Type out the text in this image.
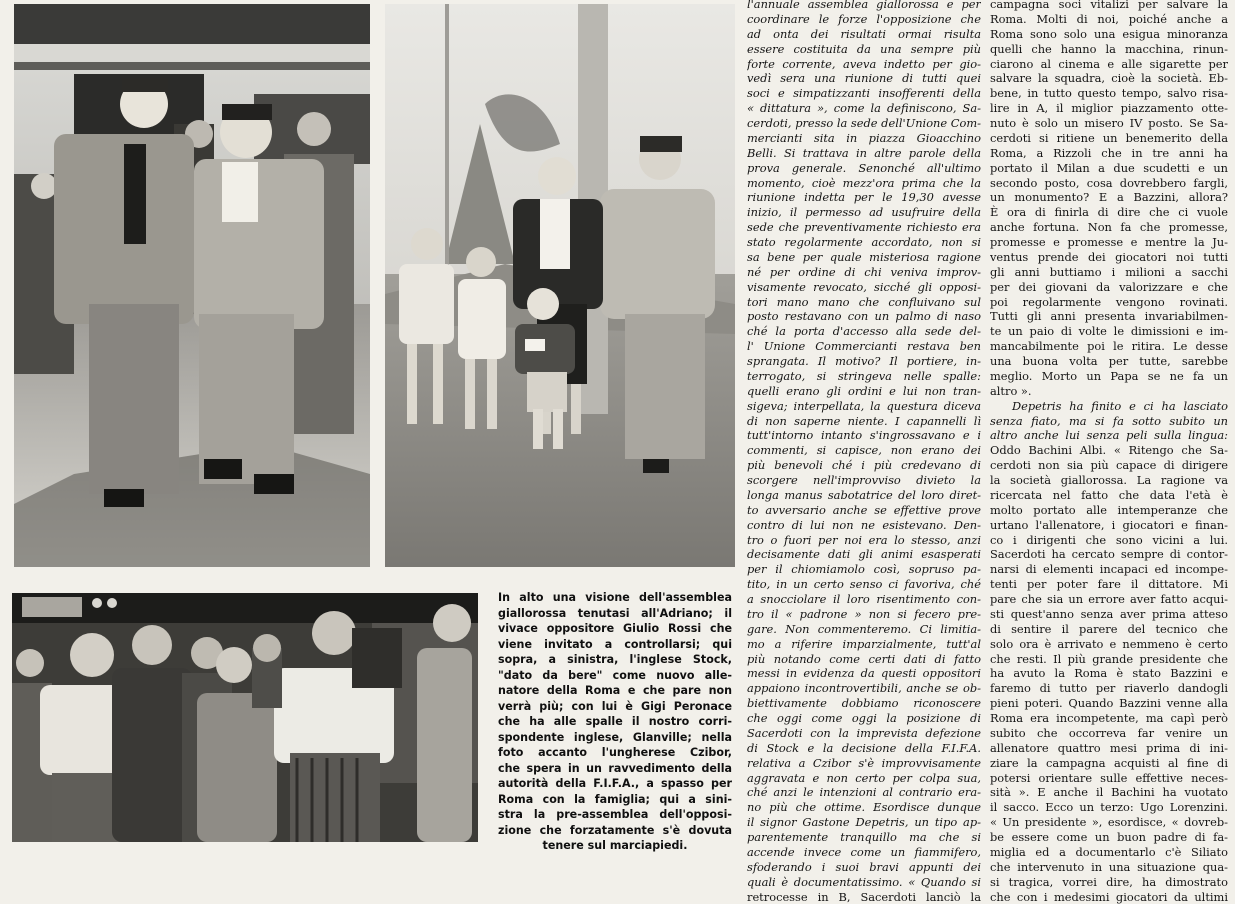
In alto una visione dell'assemblea
giallorossa tenutasi all'Adriano; il
vivace oppositore Giulio Rossi che
viene invitato a controllarsi; qui
sopra, a sinistra, l'inglese Stock,
"dato da bere" come nuovo alle-
natore della Roma e che pare non
verrà più; con lui è Gigi Peronace
che ha alle spalle il nostro corri-
spondente inglese, Glanville; nella
foto accanto l'ungherese Czibor,
che spera in un ravvedimento della
autorità della F.I.F.A., a spasso per
Roma con la famiglia; qui a sini-
stra la pre-assemblea dell'opposi-
zione che forzatamente s'è dovuta
tenere sul marciapiedi.
l'annuale assemblea giallorossa e per
coordinare le forze l'opposizione che
ad onta dei risultati ormai risulta
essere costituita da una sempre più
forte corrente, aveva indetto per gio-
vedì sera una riunione di tutti quei
soci e simpatizzanti insofferenti della
« dittatura », come la definiscono, Sa-
cerdoti, presso la sede dell'Unione Com-
mercianti sita in piazza Gioacchino
Belli. Si trattava in altre parole della
prova generale. Senonché all'ultimo
momento, cioè mezz'ora prima che la
riunione indetta per le 19,30 avesse
inizio, il permesso ad usufruire della
sede che preventivamente richiesto era
stato regolarmente accordato, non si
sa bene per quale misteriosa ragione
né per ordine di chi veniva improv-
visamente revocato, sicché gli opposi-
tori mano mano che confluivano sul
posto restavano con un palmo di naso
ché la porta d'accesso alla sede del-
l' Unione Commercianti restava ben
sprangata. Il motivo? Il portiere, in-
terrogato, si stringeva nelle spalle:
quelli erano gli ordini e lui non tran-
sigeva; interpellata, la questura diceva
di non saperne niente. I capannelli lì
tutt'intorno intanto s'ingrossavano e i
commenti, si capisce, non erano dei
più benevoli ché i più credevano di
scorgere nell'improvviso divieto la
longa manus sabotatrice del loro diret-
to avversario anche se effettive prove
contro di lui non ne esistevano. Den-
tro o fuori per noi era lo stesso, anzi
decisamente dati gli animi esasperati
per il chiomiamolo così, sopruso pa-
tito, in un certo senso ci favoriva, ché
a snocciolare il loro risentimento con-
tro il « padrone » non si fecero pre-
gare. Non commenteremo. Ci limitia-
mo a riferire imparzialmente, tutt'al
più notando come certi dati di fatto
messi in evidenza da questi oppositori
appaiono incontrovertibili, anche se ob-
biettivamente dobbiamo riconoscere
che oggi come oggi la posizione di
Sacerdoti con la imprevista defezione
di Stock e la decisione della F.I.F.A.
relativa a Czibor s'è improvvisamente
aggravata e non certo per colpa sua,
ché anzi le intenzioni al contrario era-
no più che ottime. Esordisce dunque
il signor Gastone Depetris, un tipo ap-
parentemente tranquillo ma che si
accende invece come un fiammifero,
sfoderando i suoi bravi appunti dei
quali è documentatissimo. « Quando si
retrocesse in B, Sacerdoti lanciò la
campagna soci vitalizi per salvare la
Roma. Molti di noi, poiché anche a
Roma sono solo una esigua minoranza
quelli che hanno la macchina, rinun-
ciarono al cinema e alle sigarette per
salvare la squadra, cioè la società. Eb-
bene, in tutto questo tempo, salvo risa-
lire in A, il miglior piazzamento otte-
nuto è solo un misero IV posto. Se Sa-
cerdoti si ritiene un benemerito della
Roma, a Rizzoli che in tre anni ha
portato il Milan a due scudetti e un
secondo posto, cosa dovrebbero fargli,
un monumento? E a Bazzini, allora?
È ora di finirla di dire che ci vuole
anche fortuna. Non fa che promesse,
promesse e promesse e mentre la Ju-
ventus prende dei giocatori noi tutti
gli anni buttiamo i milioni a sacchi
per dei giovani da valorizzare e che
poi regolarmente vengono rovinati.
Tutti gli anni presenta invariabilmen-
te un paio di volte le dimissioni e im-
mancabilmente poi le ritira. Le desse
una buona volta per tutte, sarebbe
meglio. Morto un Papa se ne fa un
altro ».
Depetris ha finito e ci ha lasciato
senza fiato, ma si fa sotto subito un
altro anche lui senza peli sulla lingua:
Oddo Bachini Albi. « Ritengo che Sa-
cerdoti non sia più capace di dirigere
la società giallorossa. La ragione va
ricercata nel fatto che data l'età è
molto portato alle intemperanze che
urtano l'allenatore, i giocatori e finan-
co i dirigenti che sono vicini a lui.
Sacerdoti ha cercato sempre di contor-
narsi di elementi incapaci ed incompe-
tenti per poter fare il dittatore. Mi
pare che sia un errore aver fatto acqui-
sti quest'anno senza aver prima atteso
di sentire il parere del tecnico che
solo ora è arrivato e nemmeno è certo
che resti. Il più grande presidente che
ha avuto la Roma è stato Bazzini e
faremo di tutto per riaverlo dandogli
pieni poteri. Quando Bazzini venne alla
Roma era incompetente, ma capì però
subito che occorreva far venire un
allenatore quattro mesi prima di ini-
ziare la campagna acquisti al fine di
potersi orientare sulle effettive neces-
sità ». E anche il Bachini ha vuotato
il sacco. Ecco un terzo: Ugo Lorenzini.
« Un presidente », esordisce, « dovreb-
be essere come un buon padre di fa-
miglia ed a documentarlo c'è Siliato
che intervenuto in una situazione qua-
si tragica, vorrei dire, ha dimostrato
che con i medesimi giocatori da ultimi
